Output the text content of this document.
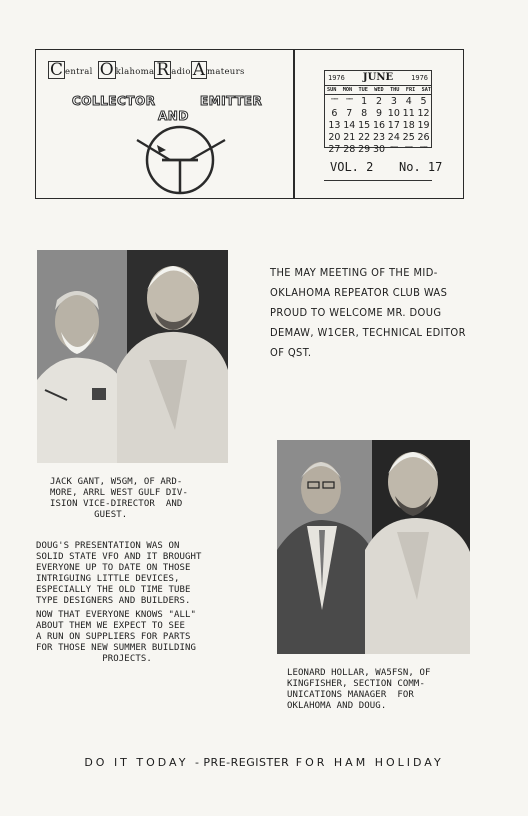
C entral O klahoma R adio A mateurs
COLLECTOR
AND
EMITTER
1976	JUNE	1976
SUN MON TUE WED THU FRI SAT
""""	"""" 1 2 3 4 5
6 7 8 9 10 11 12
13 14 15 16 17 18 19
20 21 22 23 24 25 26
27 28 29 30	""""	""""	""""
VOL. 2 No. 17
THE MAY MEETING OF THE MID-OKLAHOMA REPEATOR CLUB WAS PROUD TO WELCOME MR. DOUG DEMAW, W1CER, TECHNICAL EDITOR OF QST.
JACK GANT, W5GM, OF ARD-
MORE, ARRL WEST GULF DIV-
ISION VICE-DIRECTOR  AND
GUEST.
DOUG'S PRESENTATION WAS ON
SOLID STATE VFO AND IT BROUGHT
EVERYONE UP TO DATE ON THOSE
INTRIGUING LITTLE DEVICES,
ESPECIALLY THE OLD TIME TUBE
TYPE DESIGNERS AND BUILDERS.
NOW THAT EVERYONE KNOWS "ALL"
ABOUT THEM WE EXPECT TO SEE
A RUN ON SUPPLIERS FOR PARTS
FOR THOSE NEW SUMMER BUILDING
PROJECTS.
LEONARD HOLLAR, WA5FSN, OF
KINGFISHER, SECTION COMM-
UNICATIONS MANAGER  FOR
OKLAHOMA AND DOUG.
DO IT TODAY - PRE-REGISTER FOR HAM HOLIDAY
